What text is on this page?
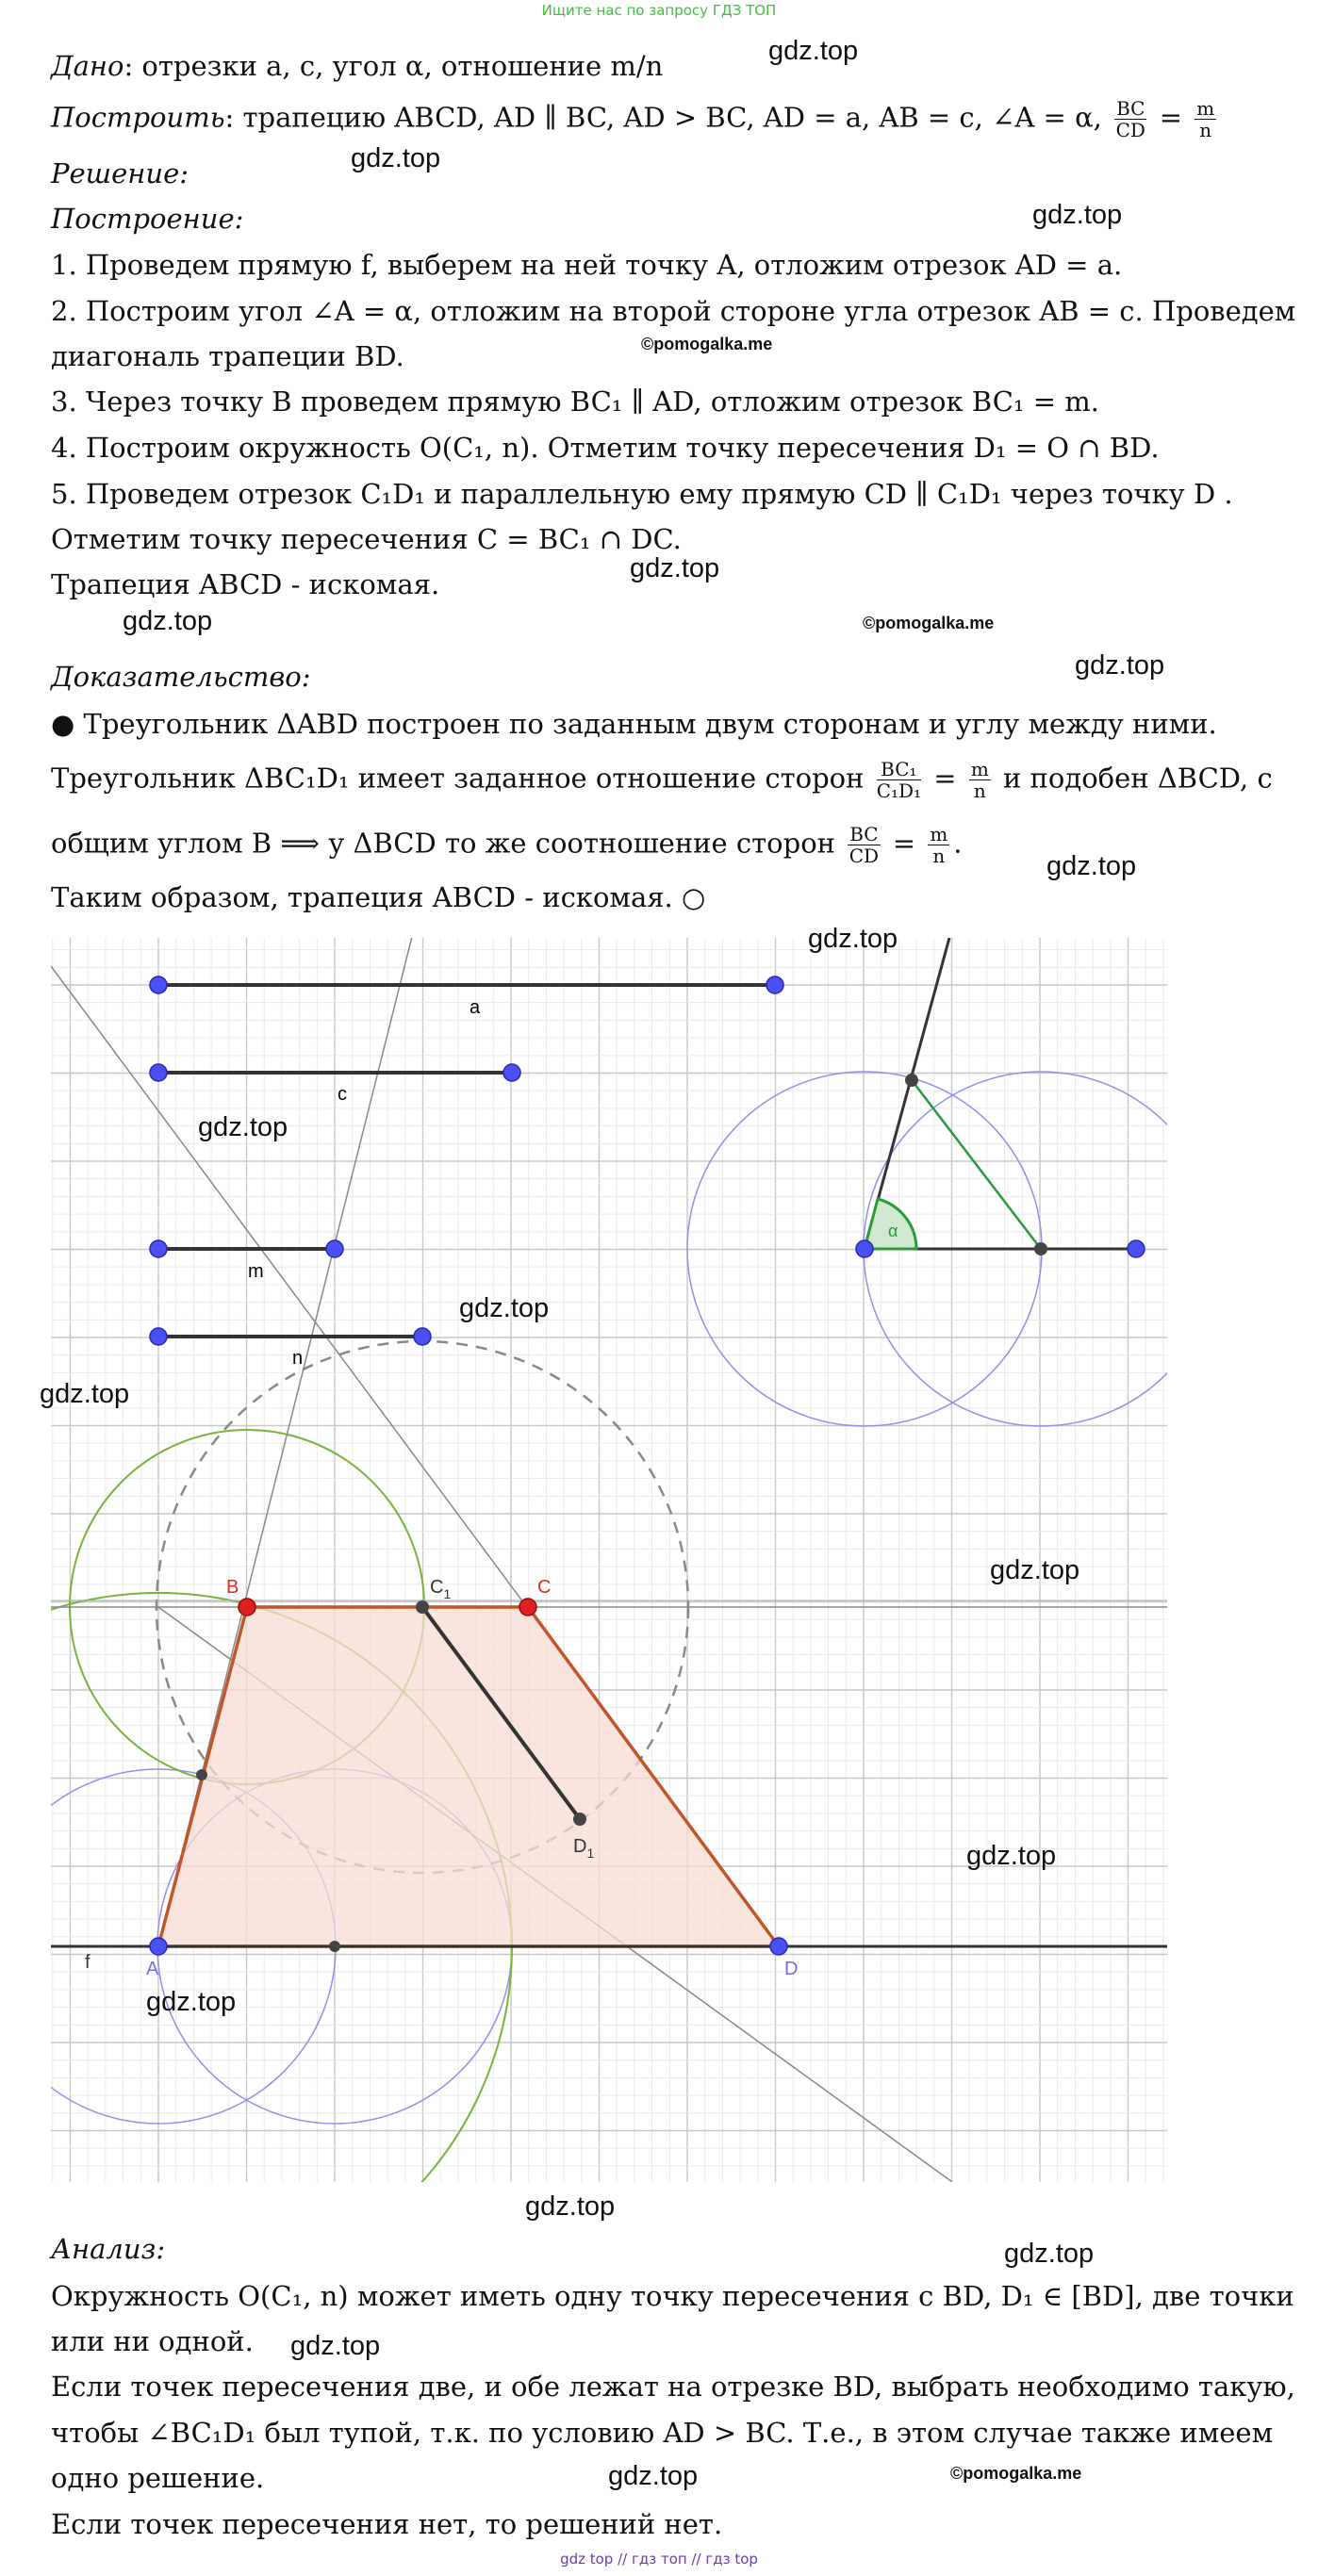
Ищите нас по запросу ГДЗ ТОП
Дано: отрезки a, c, угол α, отношение m/n
Построить: трапецию ABCD, AD ∥ BC, AD > BC, AD = a, AB = c, ∠A = α, $\frac{BC}{CD} = \frac{m}{n}$
Решение:
Построение:
1. Проведем прямую f, выберем на ней точку A, отложим отрезок AD = a.
2. Построим угол ∠A = α, отложим на второй стороне угла отрезок AB = c. Проведем
диагональ трапеции BD.
3. Через точку B проведем прямую BC₁ ∥ AD, отложим отрезок BC₁ = m.
4. Построим окружность O(C₁, n). Отметим точку пересечения D₁ = O ∩ BD.
5. Проведем отрезок C₁D₁ и параллельную ему прямую CD ∥ C₁D₁ через точку D .
Отметим точку пересечения C = BC₁ ∩ DC.
Трапеция ABCD - искомая.
Доказательство:
● Треугольник ΔABD построен по заданным двум сторонам и углу между ними.
Треугольник ΔBC₁D₁ имеет заданное отношение сторон $\frac{\text{BC₁}}{\text{C₁D₁}} = \frac{m}{n}$ и подобен ΔBCD, с
общим углом B ⟹ у ΔBCD то же соотношение сторон $\frac{BC}{CD} = \frac{m}{n}$ .
Таким образом, трапеция ABCD - искомая. ○
a
c
m
n
α
B	C
$C_1$
$D_1$
A	D
f
Анализ:
Окружность O(C₁, n) может иметь одну точку пересечения с BD, D₁ ∈ [BD], две точки
или ни одной.
Если точек пересечения две, и обе лежат на отрезке BD, выбрать необходимо такую,
чтобы ∠BC₁D₁ был тупой, т.к. по условию AD > BC. Т.е., в этом случае также имеем
одно решение.
Если точек пересечения нет, то решений нет.
gdz.top
gdz.top
gdz.top
©pomogalka.me
gdz.top
gdz.top	©pomogalka.me
gdz.top
gdz.top
gdz.top
gdz.top
gdz.top
gdz.top
gdz.top
gdz.top
gdz.top
gdz.top
gdz.top
gdz.top
gdz.top	©pomogalka.me
gdz top // гдз топ // гдз top
